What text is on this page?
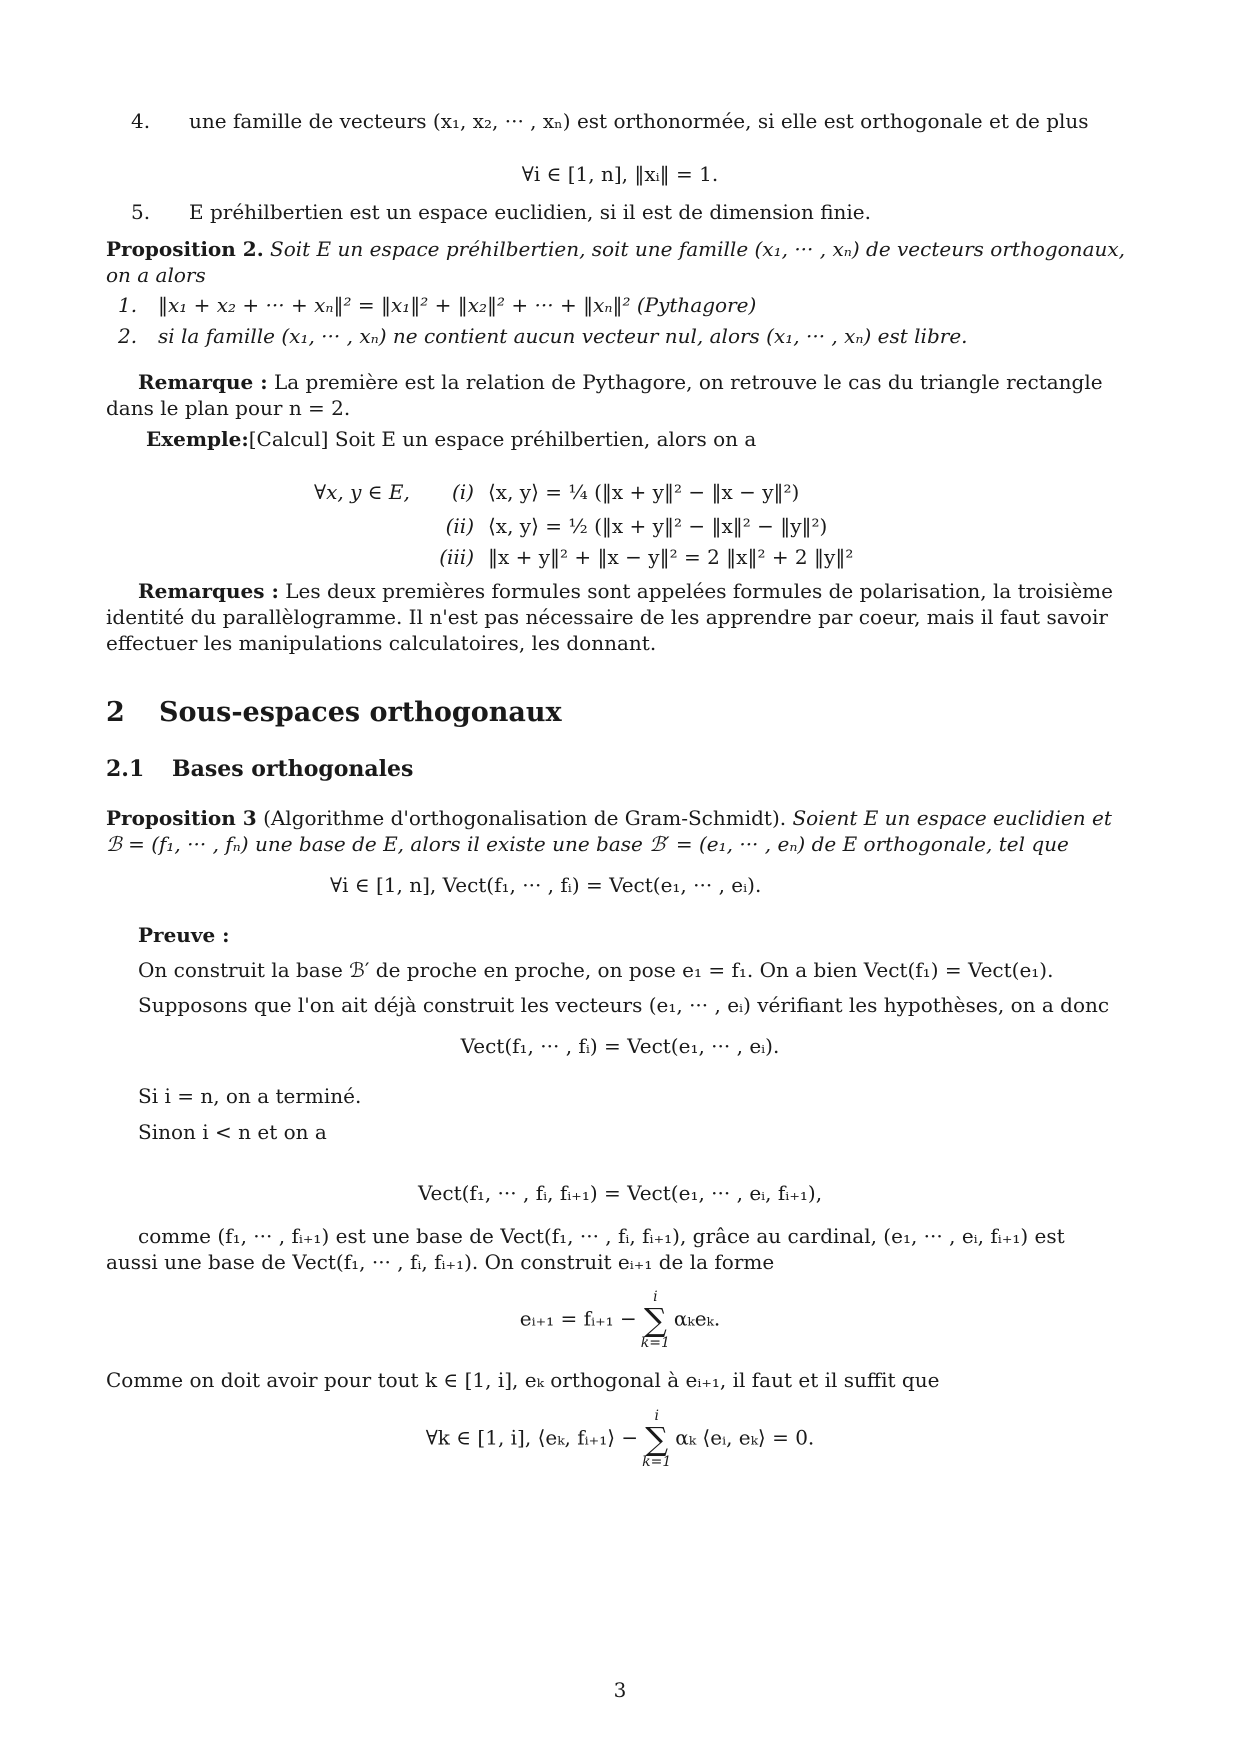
4. une famille de vecteurs (x₁, x₂, ··· , xₙ) est orthonormée, si elle est orthogonale et de plus
∀i ∈ [1, n], ‖xᵢ‖ = 1.
5. E préhilbertien est un espace euclidien, si il est de dimension finie.
Proposition 2. Soit E un espace préhilbertien, soit une famille (x₁, ··· , xₙ) de vecteurs orthogonaux,
on a alors
1. ‖x₁ + x₂ + ··· + xₙ‖² = ‖x₁‖² + ‖x₂‖² + ··· + ‖xₙ‖² (Pythagore)
2. si la famille (x₁, ··· , xₙ) ne contient aucun vecteur nul, alors (x₁, ··· , xₙ) est libre.
Remarque : La première est la relation de Pythagore, on retrouve le cas du triangle rectangle
dans le plan pour n = 2.
Exemple:[Calcul] Soit E un espace préhilbertien, alors on a
∀x, y ∈ E,	(i) ⟨x, y⟩ = ¼ (‖x + y‖² − ‖x − y‖²)
(ii) ⟨x, y⟩ = ½ (‖x + y‖² − ‖x‖² − ‖y‖²)
(iii) ‖x + y‖² + ‖x − y‖² = 2 ‖x‖² + 2 ‖y‖²
Remarques : Les deux premières formules sont appelées formules de polarisation, la troisième
identité du parallèlogramme. Il n'est pas nécessaire de les apprendre par coeur, mais il faut savoir
effectuer les manipulations calculatoires, les donnant.
2 Sous-espaces orthogonaux
2.1 Bases orthogonales
Proposition 3 (Algorithme d'orthogonalisation de Gram-Schmidt). Soient E un espace euclidien et
ℬ = (f₁, ··· , fₙ) une base de E, alors il existe une base ℬ′ = (e₁, ··· , eₙ) de E orthogonale, tel que
∀i ∈ [1, n], Vect(f₁, ··· , fᵢ) = Vect(e₁, ··· , eᵢ).
Preuve :
On construit la base ℬ′ de proche en proche, on pose e₁ = f₁. On a bien Vect(f₁) = Vect(e₁).
Supposons que l'on ait déjà construit les vecteurs (e₁, ··· , eᵢ) vérifiant les hypothèses, on a donc
Vect(f₁, ··· , fᵢ) = Vect(e₁, ··· , eᵢ).
Si i = n, on a terminé.
Sinon i < n et on a
Vect(f₁, ··· , fᵢ, fᵢ₊₁) = Vect(e₁, ··· , eᵢ, fᵢ₊₁),
comme (f₁, ··· , fᵢ₊₁) est une base de Vect(f₁, ··· , fᵢ, fᵢ₊₁), grâce au cardinal, (e₁, ··· , eᵢ, fᵢ₊₁) est
aussi une base de Vect(f₁, ··· , fᵢ, fᵢ₊₁). On construit eᵢ₊₁ de la forme
eᵢ₊₁ = fᵢ₊₁ −
i
∑
k=1
αₖeₖ.
Comme on doit avoir pour tout k ∈ [1, i], eₖ orthogonal à eᵢ₊₁, il faut et il suffit que
∀k ∈ [1, i], ⟨eₖ, fᵢ₊₁⟩ −
i
∑
k=1
αₖ ⟨eᵢ, eₖ⟩ = 0.
3
